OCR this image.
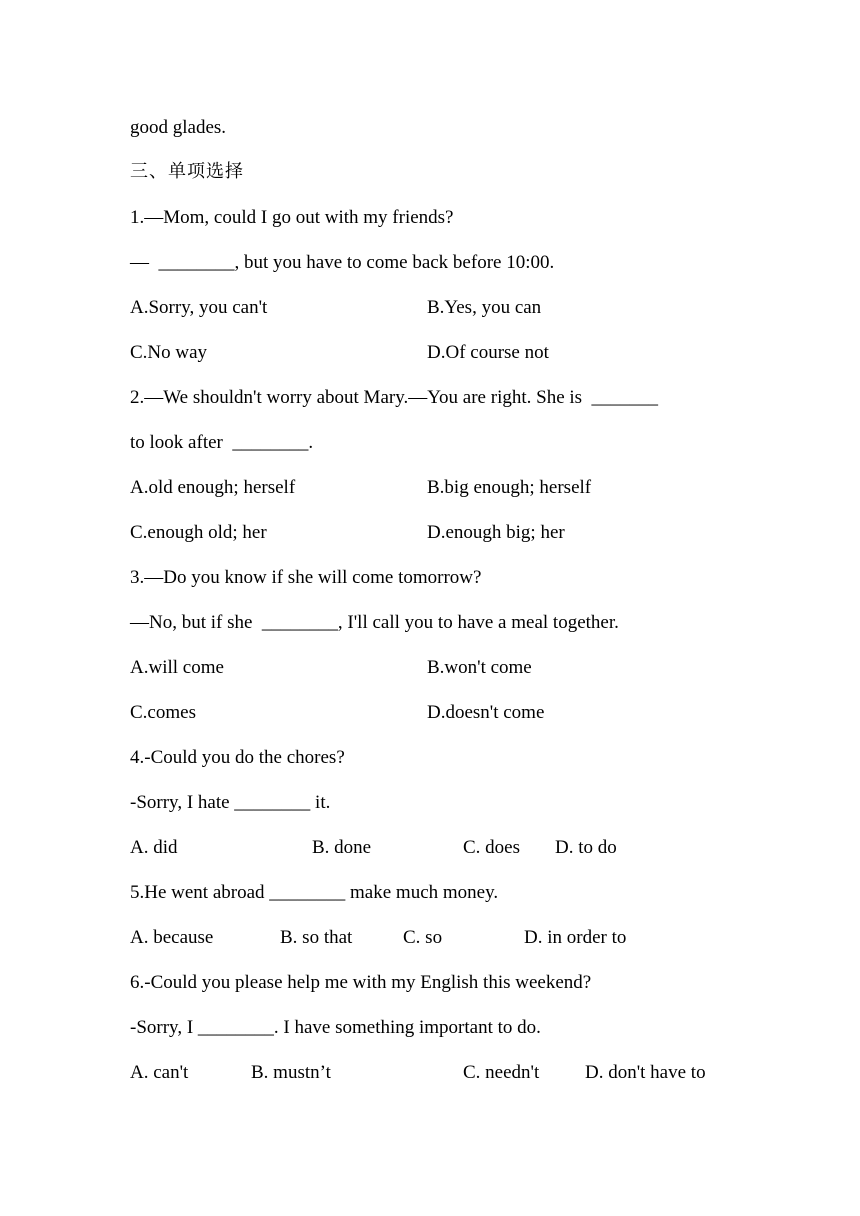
good glades.
三、单项选择
1.—Mom, could I go out with my friends?
—  ________, but you have to come back before 10:00.
A.Sorry, you can't	B.Yes, you can
C.No way	D.Of course not
2.—We shouldn't worry about Mary.—You are right. She is  _______
to look after  ________.
A.old enough; herself	B.big enough; herself
C.enough old; her	D.enough big; her
3.—Do you know if she will come tomorrow?
—No, but if she  ________, I'll call you to have a meal together.
A.will come	B.won't come
C.comes	D.doesn't come
4.-Could you do the chores?
-Sorry, I hate ________ it.
A. did	B. done	C. does D. to do
5.He went abroad ________ make much money.
A. because	B. so that	C. so	D. in order to
6.-Could you please help me with my English this weekend?
-Sorry, I ________. I have something important to do.
A. can't	B. mustn’t	C. needn't D. don't have to
